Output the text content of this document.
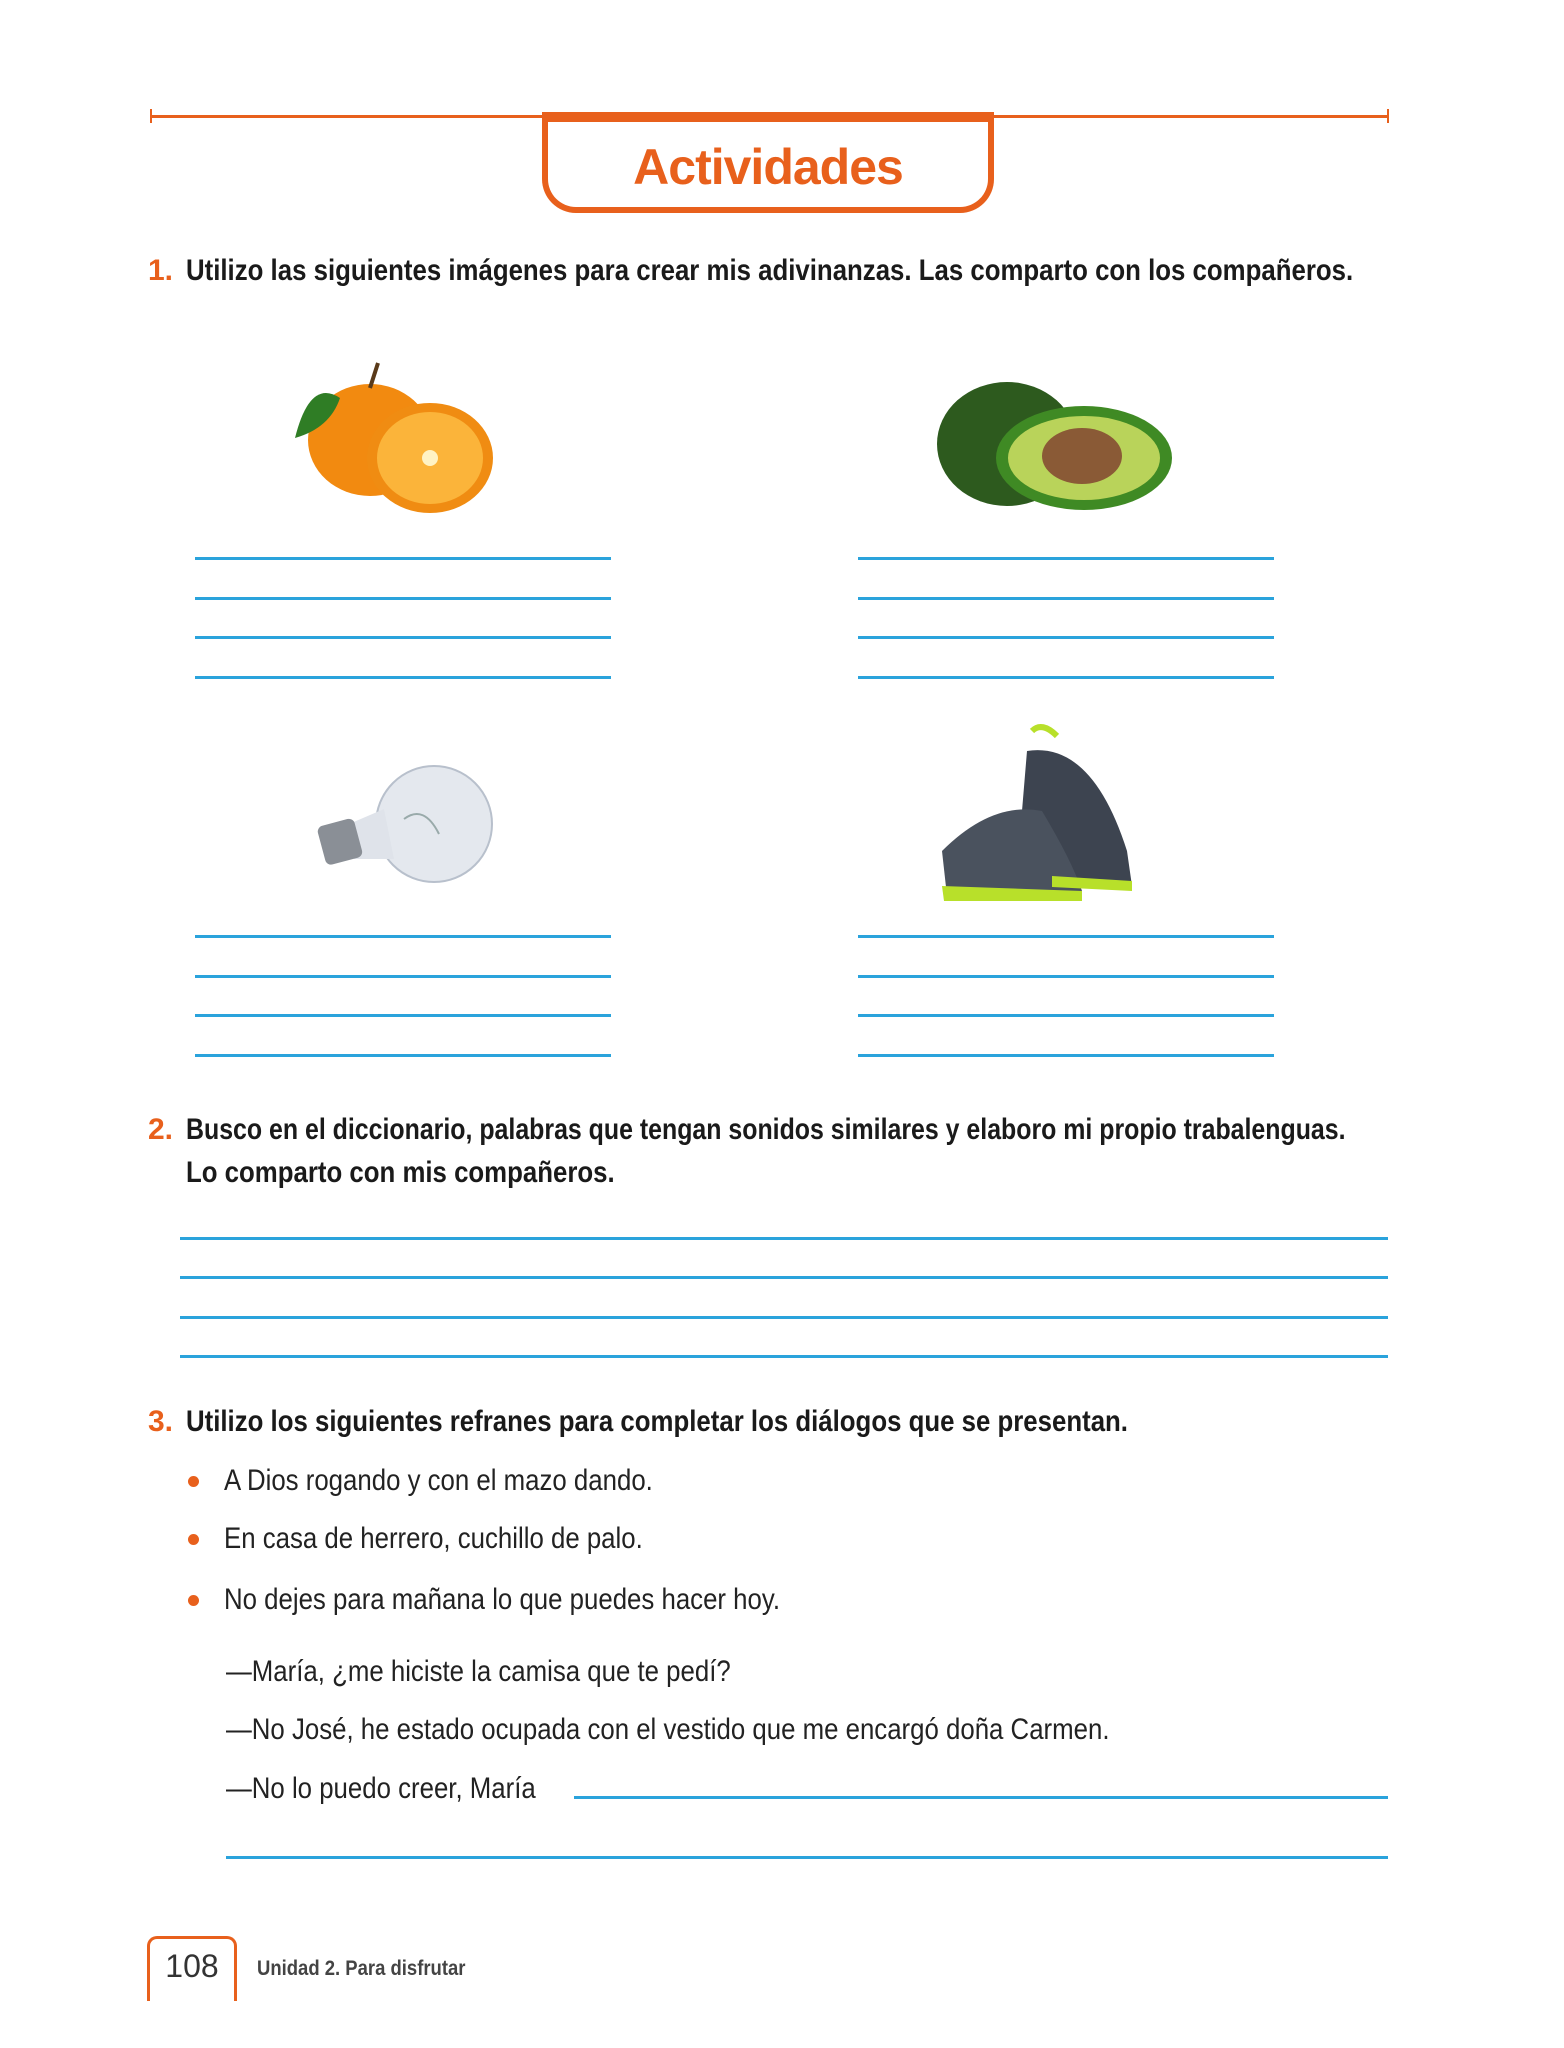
Actividades
1. Utilizo las siguientes imágenes para crear mis adivinanzas. Las comparto con los compañeros.
2. Busco en el diccionario, palabras que tengan sonidos similares y elaboro mi propio trabalenguas.
Lo comparto con mis compañeros.
3. Utilizo los siguientes refranes para completar los diálogos que se presentan.
A Dios rogando y con el mazo dando.
En casa de herrero, cuchillo de palo.
No dejes para mañana lo que puedes hacer hoy.
—María, ¿me hiciste la camisa que te pedí?
—No José, he estado ocupada con el vestido que me encargó doña Carmen.
—No lo puedo creer, María
108	Unidad 2. Para disfrutar
